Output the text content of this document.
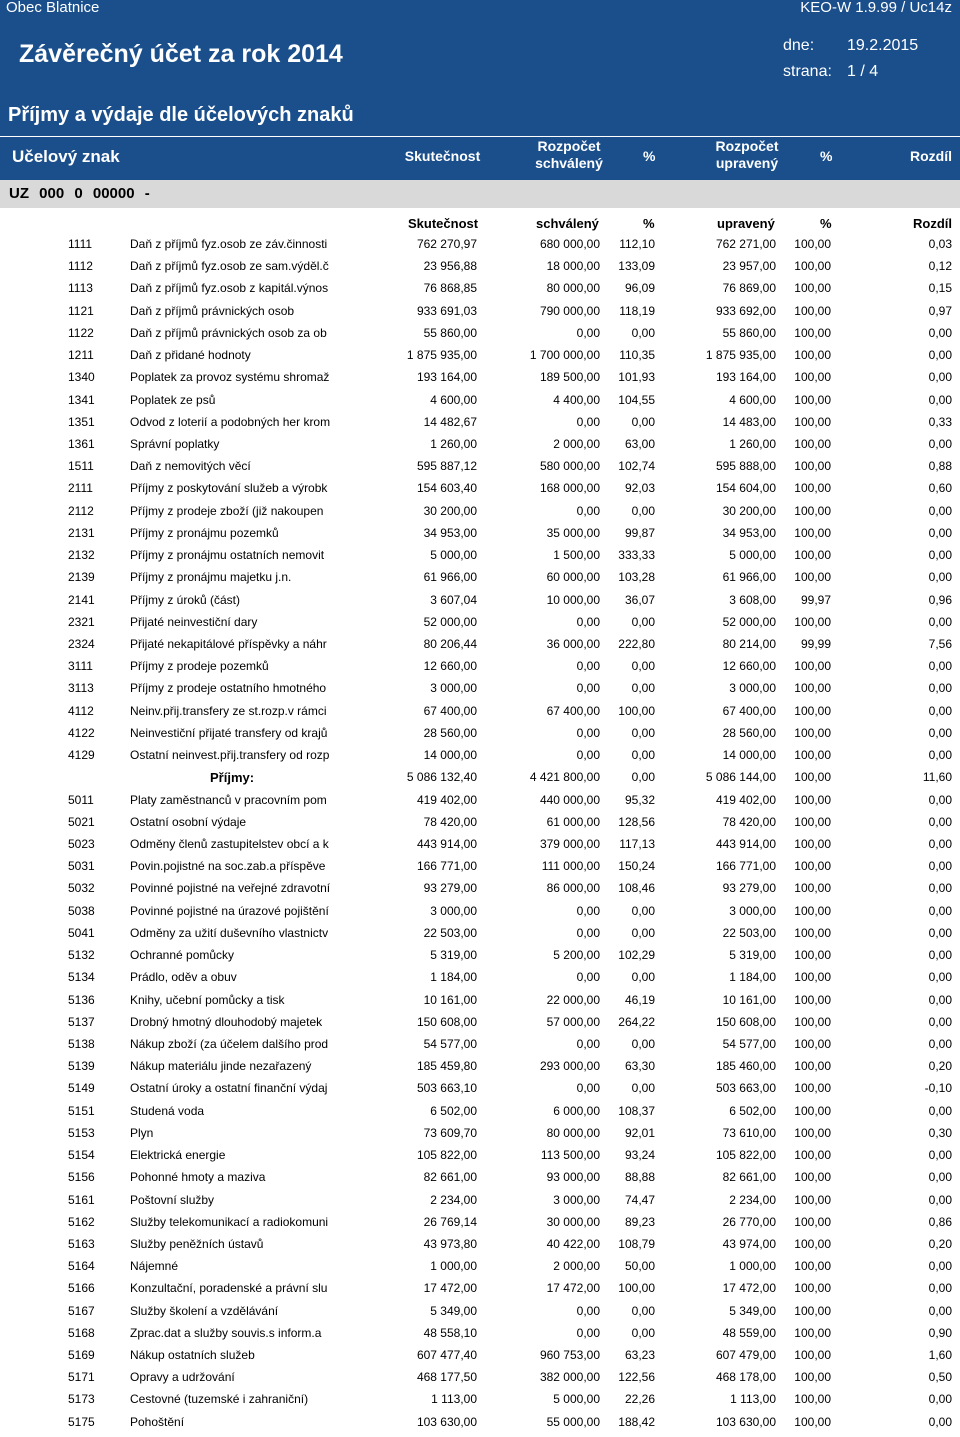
Obec Blatnice	KEO-W 1.9.99 / Uc14z
Závěrečný účet za rok 2014	dne: 19.2.2015
strana: 1 / 4
Příjmy a výdaje dle účelových znaků
Učelový znak	Skutečnost
Rozpočet
schválený	%
Rozpočet
upravený	%	Rozdíl
UZ 000 0 00000 -
Skutečnost	schválený	%	upravený	%	Rozdíl
1111	Daň z příjmů fyz.osob ze záv.činnosti	762 270,97	680 000,00 112,10	762 271,00 100,00	0,03
1112	Daň z příjmů fyz.osob ze sam.výděl.č	23 956,88	18 000,00 133,09	23 957,00 100,00	0,12
1113	Daň z příjmů fyz.osob z kapitál.výnos	76 868,85	80 000,00 96,09	76 869,00 100,00	0,15
1121	Daň z příjmů právnických osob	933 691,03	790 000,00 118,19	933 692,00 100,00	0,97
1122	Daň z příjmů právnických osob za ob	55 860,00	0,00	0,00	55 860,00 100,00	0,00
1211	Daň z přidané hodnoty	1 875 935,00	1 700 000,00 110,35	1 875 935,00 100,00	0,00
1340	Poplatek za provoz systému shromaž	193 164,00	189 500,00 101,93	193 164,00 100,00	0,00
1341	Poplatek ze psů	4 600,00	4 400,00 104,55	4 600,00 100,00	0,00
1351	Odvod z loterií a podobných her krom	14 482,67	0,00	0,00	14 483,00 100,00	0,33
1361	Správní poplatky	1 260,00	2 000,00 63,00	1 260,00 100,00	0,00
1511	Daň z nemovitých věcí	595 887,12	580 000,00 102,74	595 888,00 100,00	0,88
2111	Příjmy z poskytování služeb a výrobk	154 603,40	168 000,00 92,03	154 604,00 100,00	0,60
2112	Příjmy z prodeje zboží (již nakoupen	30 200,00	0,00	0,00	30 200,00 100,00	0,00
2131	Příjmy z pronájmu pozemků	34 953,00	35 000,00 99,87	34 953,00 100,00	0,00
2132	Příjmy z pronájmu ostatních nemovit	5 000,00	1 500,00 333,33	5 000,00 100,00	0,00
2139	Příjmy z pronájmu majetku j.n.	61 966,00	60 000,00 103,28	61 966,00 100,00	0,00
2141	Příjmy z úroků (část)	3 607,04	10 000,00 36,07	3 608,00 99,97	0,96
2321	Přijaté neinvestiční dary	52 000,00	0,00	0,00	52 000,00 100,00	0,00
2324	Přijaté nekapitálové příspěvky a náhr	80 206,44	36 000,00 222,80	80 214,00 99,99	7,56
3111	Příjmy z prodeje pozemků	12 660,00	0,00	0,00	12 660,00 100,00	0,00
3113	Příjmy z prodeje ostatního hmotného	3 000,00	0,00	0,00	3 000,00 100,00	0,00
4112	Neinv.přij.transfery ze st.rozp.v rámci	67 400,00	67 400,00 100,00	67 400,00 100,00	0,00
4122	Neinvestiční přijaté transfery od krajů	28 560,00	0,00	0,00	28 560,00 100,00	0,00
4129	Ostatní neinvest.přij.transfery od rozp	14 000,00	0,00	0,00	14 000,00 100,00	0,00
Příjmy:	5 086 132,40	4 421 800,00	0,00	5 086 144,00 100,00	11,60
5011	Platy zaměstnanců v pracovním pom	419 402,00	440 000,00 95,32	419 402,00 100,00	0,00
5021	Ostatní osobní výdaje	78 420,00	61 000,00 128,56	78 420,00 100,00	0,00
5023	Odměny členů zastupitelstev obcí a k	443 914,00	379 000,00 117,13	443 914,00 100,00	0,00
5031	Povin.pojistné na soc.zab.a příspěve	166 771,00	111 000,00 150,24	166 771,00 100,00	0,00
5032	Povinné pojistné na veřejné zdravotní	93 279,00	86 000,00 108,46	93 279,00 100,00	0,00
5038	Povinné pojistné na úrazové pojištění	3 000,00	0,00	0,00	3 000,00 100,00	0,00
5041	Odměny za užití duševního vlastnictv	22 503,00	0,00	0,00	22 503,00 100,00	0,00
5132	Ochranné pomůcky	5 319,00	5 200,00 102,29	5 319,00 100,00	0,00
5134	Prádlo, oděv a obuv	1 184,00	0,00	0,00	1 184,00 100,00	0,00
5136	Knihy, učební pomůcky a tisk	10 161,00	22 000,00 46,19	10 161,00 100,00	0,00
5137	Drobný hmotný dlouhodobý majetek	150 608,00	57 000,00 264,22	150 608,00 100,00	0,00
5138	Nákup zboží (za účelem dalšího prod	54 577,00	0,00	0,00	54 577,00 100,00	0,00
5139	Nákup materiálu jinde nezařazený	185 459,80	293 000,00 63,30	185 460,00 100,00	0,20
5149	Ostatní úroky a ostatní finanční výdaj	503 663,10	0,00	0,00	503 663,00 100,00	-0,10
5151	Studená voda	6 502,00	6 000,00 108,37	6 502,00 100,00	0,00
5153	Plyn	73 609,70	80 000,00 92,01	73 610,00 100,00	0,30
5154	Elektrická energie	105 822,00	113 500,00 93,24	105 822,00 100,00	0,00
5156	Pohonné hmoty a maziva	82 661,00	93 000,00 88,88	82 661,00 100,00	0,00
5161	Poštovní služby	2 234,00	3 000,00 74,47	2 234,00 100,00	0,00
5162	Služby telekomunikací a radiokomuni	26 769,14	30 000,00 89,23	26 770,00 100,00	0,86
5163	Služby peněžních ústavů	43 973,80	40 422,00 108,79	43 974,00 100,00	0,20
5164	Nájemné	1 000,00	2 000,00 50,00	1 000,00 100,00	0,00
5166	Konzultační, poradenské a právní slu	17 472,00	17 472,00 100,00	17 472,00 100,00	0,00
5167	Služby školení a vzdělávání	5 349,00	0,00	0,00	5 349,00 100,00	0,00
5168	Zprac.dat a služby souvis.s inform.a	48 558,10	0,00	0,00	48 559,00 100,00	0,90
5169	Nákup ostatních služeb	607 477,40	960 753,00 63,23	607 479,00 100,00	1,60
5171	Opravy a udržování	468 177,50	382 000,00 122,56	468 178,00 100,00	0,50
5173	Cestovné (tuzemské i zahraniční)	1 113,00	5 000,00 22,26	1 113,00 100,00	0,00
5175	Pohoštění	103 630,00	55 000,00 188,42	103 630,00 100,00	0,00
